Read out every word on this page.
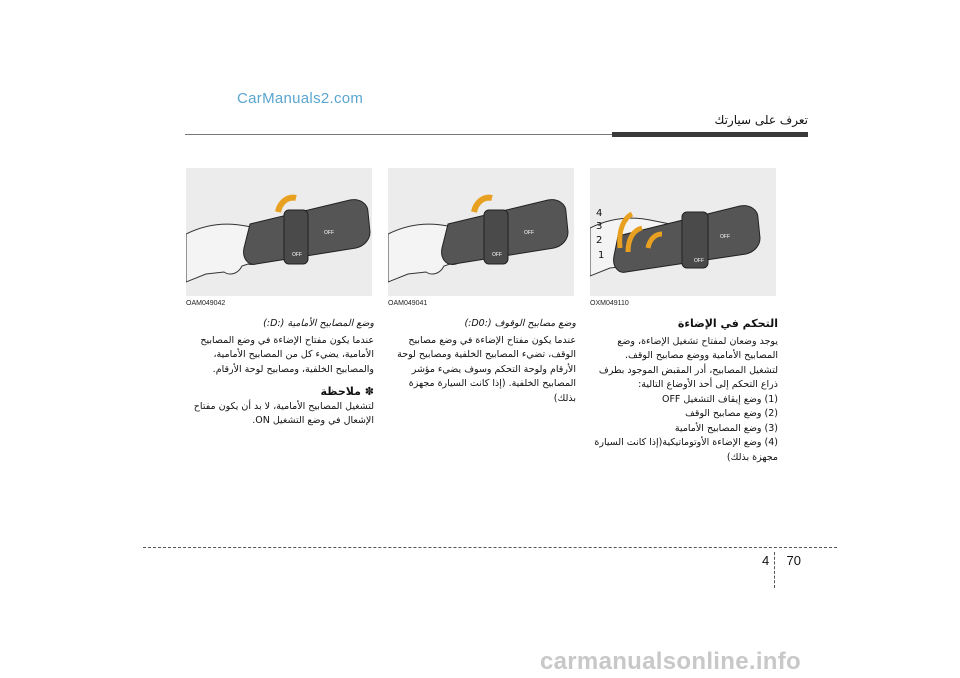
CarManuals2.com
تعرف على سيارتك
OFF
OFF
4
3
2
1
OXM049110
OFF
OFF
OAM049041
OFF
OFF
OAM049042

التحكم في الإضاءة

يوجد وضعان لمفتاح تشغيل الإضاءة، وضع المصابيح الأمامية ووضع مصابيح الوقف.

لتشغيل المصابيح، أدر المقبض الموجود بطرف ذراع التحكم إلى أحد الأوضاع التالية:

(1) وضع إيقاف التشغيل OFF
(2) وضع مصابيح الوقف
(3) وضع المصابيح الأمامية
(4) وضع الإضاءة الأوتوماتيكية(إذا كانت السيارة مجهزة بذلك)

وضع مصابيح الوقوف (:D0:)

عندما يكون مفتاح الإضاءة في وضع مصابيح الوقف، تضيء المصابيح الخلفية ومصابيح لوحة الأرقام ولوحة التحكم وسوف يضيء مؤشر المصابيح الخلفية. (إذا كانت السيارة مجهزة بذلك)

وضع المصابيح الأمامية (:D:)

عندما يكون مفتاح الإضاءة في وضع المصابيح الأمامية، يضيء كل من المصابيح الأمامية، والمصابيح الخلفية، ومصابيح لوحة الأرقام.

✽ ملاحظة

لتشغيل المصابيح الأمامية، لا بد أن يكون مفتاح الإشعال في وضع التشغيل ON.

4 70
carmanualsonline.info
